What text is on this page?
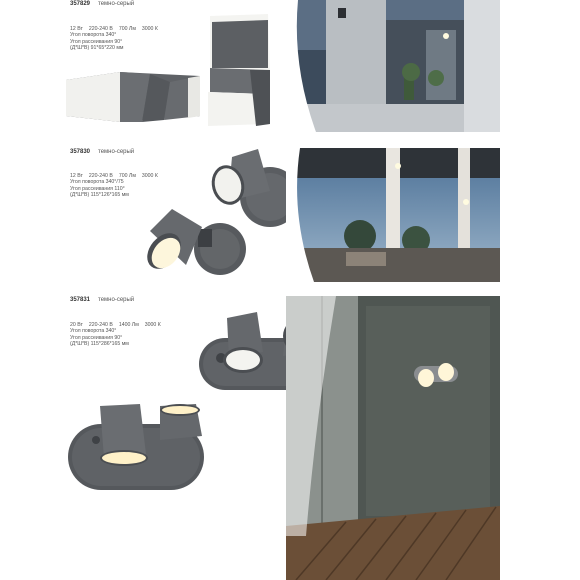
357829 темно-серый
12 Вт 220-240 В 700 Лм 3000 К
Угол поворота 340°
Угол рассеивания 90°
(Д*Ш*В) 91*65*220 мм
357830 темно-серый
12 Вт 220-240 В 700 Лм 3000 К
Угол поворота 340°/75
Угол рассеивания 110°
(Д*Ш*В) 115*126*165 мм
357831 темно-серый
20 Вт 220-240 В 1400 Лм 3000 К
Угол поворота 340°
Угол рассеивания 90°
(Д*Ш*В) 115*286*165 мм
